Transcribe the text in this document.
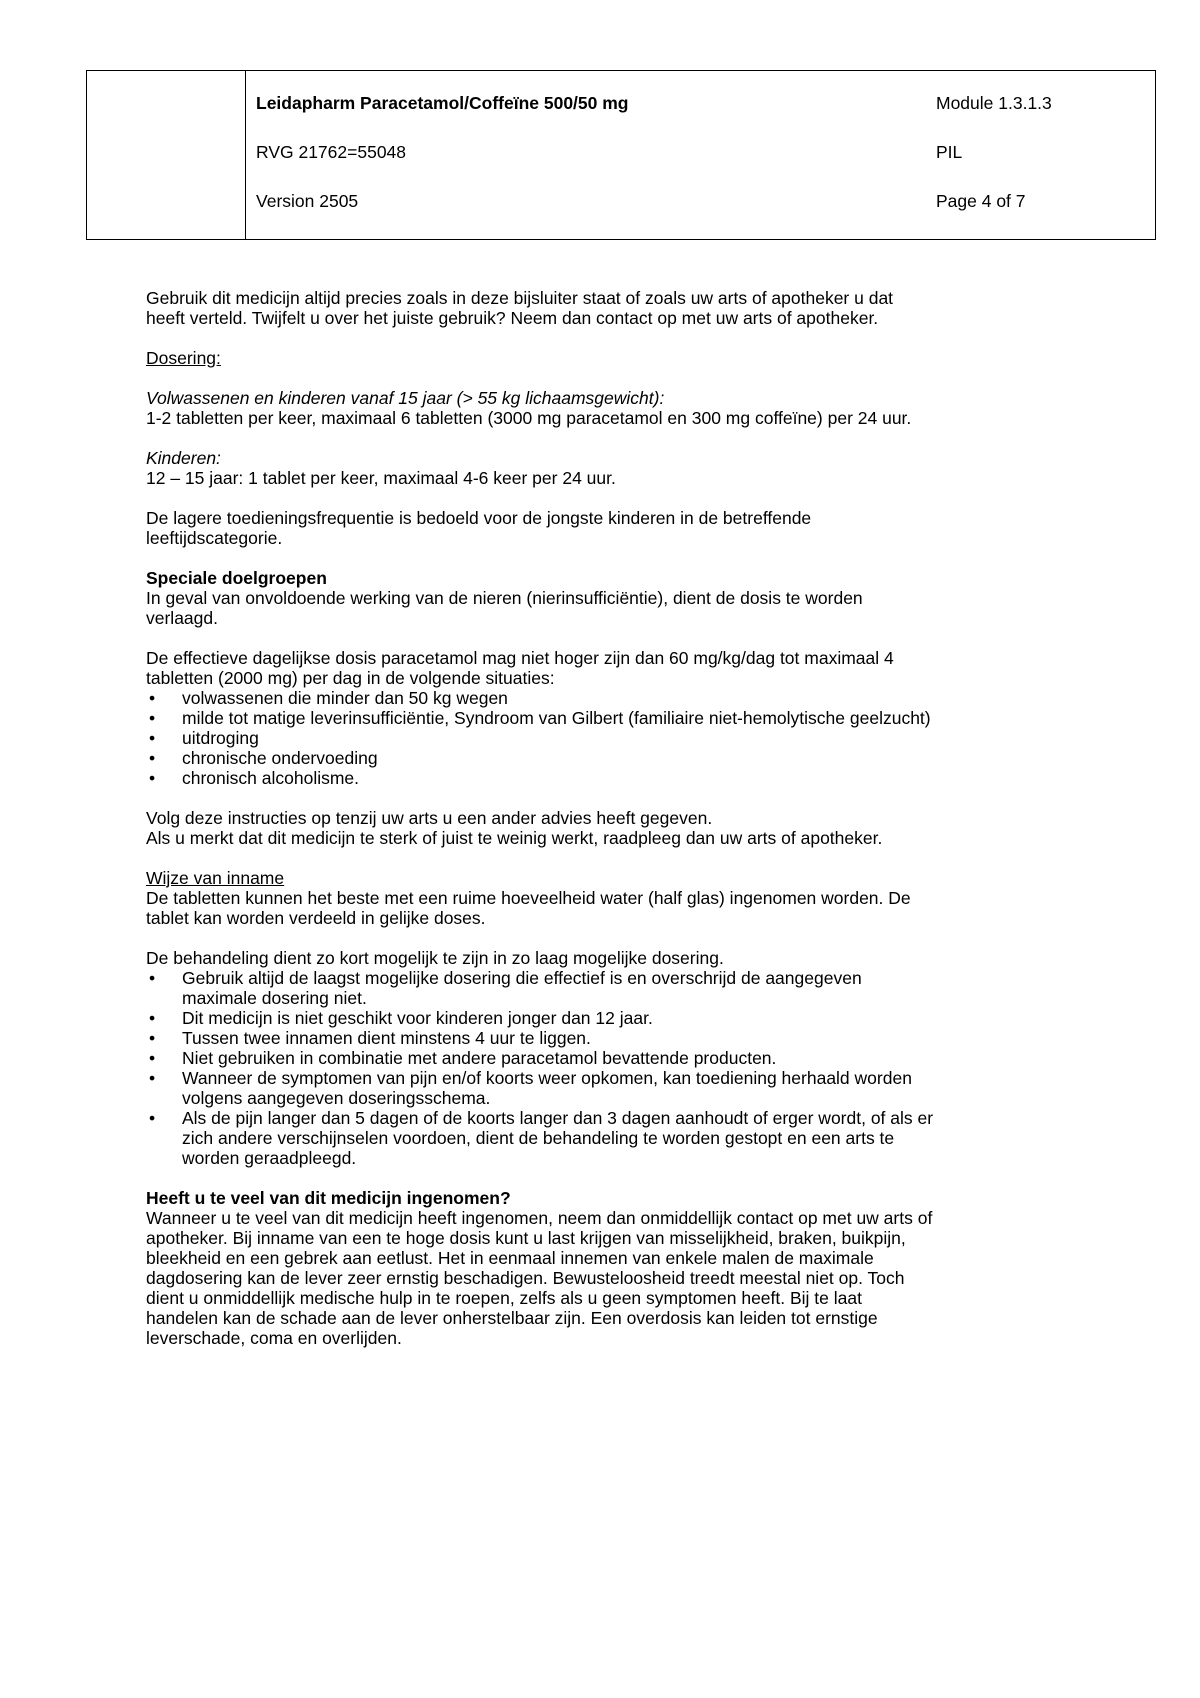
Leidapharm Paracetamol/Coffeïne 500/50 mg
RVG 21762=55048
Version 2505
Module 1.3.1.3
PIL
Page 4 of 7

Gebruik dit medicijn altijd precies zoals in deze bijsluiter staat of zoals uw arts of apotheker u dat
heeft verteld. Twijfelt u over het juiste gebruik? Neem dan contact op met uw arts of apotheker.

Dosering:

Volwassenen en kinderen vanaf 15 jaar (> 55 kg lichaamsgewicht):
1-2 tabletten per keer, maximaal 6 tabletten (3000 mg paracetamol en 300 mg coffeïne) per 24 uur.

Kinderen:
12 – 15 jaar: 1 tablet per keer, maximaal 4-6 keer per 24 uur.

De lagere toedieningsfrequentie is bedoeld voor de jongste kinderen in de betreffende
leeftijdscategorie.

Speciale doelgroepen
In geval van onvoldoende werking van de nieren (nierinsufficiëntie), dient de dosis te worden
verlaagd.

De effectieve dagelijkse dosis paracetamol mag niet hoger zijn dan 60 mg/kg/dag tot maximaal 4
tabletten (2000 mg) per dag in de volgende situaties:

• volwassenen die minder dan 50 kg wegen
• milde tot matige leverinsufficiëntie, Syndroom van Gilbert (familiaire niet-hemolytische geelzucht)
• uitdroging
• chronische ondervoeding
• chronisch alcoholisme.

Volg deze instructies op tenzij uw arts u een ander advies heeft gegeven.
Als u merkt dat dit medicijn te sterk of juist te weinig werkt, raadpleeg dan uw arts of apotheker.

Wijze van inname
De tabletten kunnen het beste met een ruime hoeveelheid water (half glas) ingenomen worden. De
tablet kan worden verdeeld in gelijke doses.

De behandeling dient zo kort mogelijk te zijn in zo laag mogelijke dosering.

• Gebruik altijd de laagst mogelijke dosering die effectief is en overschrijd de aangegeven
maximale dosering niet.
• Dit medicijn is niet geschikt voor kinderen jonger dan 12 jaar.
• Tussen twee innamen dient minstens 4 uur te liggen.
• Niet gebruiken in combinatie met andere paracetamol bevattende producten.
• Wanneer de symptomen van pijn en/of koorts weer opkomen, kan toediening herhaald worden
volgens aangegeven doseringsschema.
• Als de pijn langer dan 5 dagen of de koorts langer dan 3 dagen aanhoudt of erger wordt, of als er
zich andere verschijnselen voordoen, dient de behandeling te worden gestopt en een arts te
worden geraadpleegd.

Heeft u te veel van dit medicijn ingenomen?
Wanneer u te veel van dit medicijn heeft ingenomen, neem dan onmiddellijk contact op met uw arts of
apotheker. Bij inname van een te hoge dosis kunt u last krijgen van misselijkheid, braken, buikpijn,
bleekheid en een gebrek aan eetlust. Het in eenmaal innemen van enkele malen de maximale
dagdosering kan de lever zeer ernstig beschadigen. Bewusteloosheid treedt meestal niet op. Toch
dient u onmiddellijk medische hulp in te roepen, zelfs als u geen symptomen heeft. Bij te laat
handelen kan de schade aan de lever onherstelbaar zijn. Een overdosis kan leiden tot ernstige
leverschade, coma en overlijden.
